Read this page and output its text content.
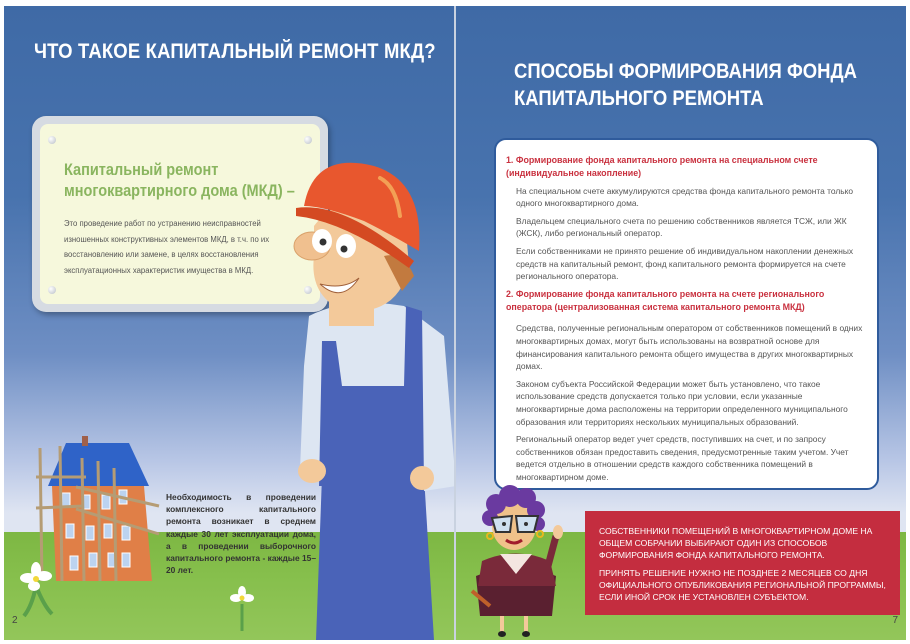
ЧТО ТАКОЕ КАПИТАЛЬНЫЙ РЕМОНТ МКД?
Капитальный ремонт
многоквартирного дома (МКД) –

Это проведение работ по устранению неисправностей изношенных конструктивных элементов МКД, в т.ч. по их восстановлению или замене, в целях восстановления эксплуатационных характеристик имущества в МКД.

Необходимость в проведении комплексного капитального ремонта возникает в среднем каждые 30 лет эксплуатации дома, а в проведении выборочного капитального ремонта - каждые 15–20 лет.
2
СПОСОБЫ ФОРМИРОВАНИЯ ФОНДА
КАПИТАЛЬНОГО РЕМОНТА
1. Формирование фонда капитального ремонта на специальном счете (индивидуальное накопление)

На специальном счете аккумулируются средства фонда капитального ремонта только одного многоквартирного дома.

Владельцем специального счета по решению собственников является ТСЖ, или ЖК (ЖСК), либо региональный оператор.

Если собственниками не принято решение об индивидуальном накоплении денежных средств на капитальный ремонт, фонд капитального ремонта формируется на счете регионального оператора.

2. Формирование фонда капитального ремонта на счете регионального оператора (централизованная система капитального ремонта МКД)

Средства, полученные региональным оператором от собственников помещений в одних многоквартирных домах, могут быть использованы на возвратной основе для финансирования капитального ремонта общего имущества в других многоквартирных домах.

Законом субъекта Российской Федерации может быть установлено, что такое использование средств допускается только при условии, если указанные многоквартирные дома расположены на территории определенного муниципального образования или территориях нескольких муниципальных образований.

Региональный оператор ведет учет средств, поступивших на счет, и по запросу собственников обязан предоставить сведения, предусмотренные таким учетом. Учет ведется отдельно в отношении средств каждого собственника помещений в многоквартирном доме.

СОБСТВЕННИКИ ПОМЕЩЕНИЙ В МНОГОКВАРТИРНОМ ДОМЕ НА ОБЩЕМ СОБРАНИИ ВЫБИРАЮТ ОДИН ИЗ СПОСОБОВ ФОРМИРОВАНИЯ ФОНДА КАПИТАЛЬНОГО РЕМОНТА.

ПРИНЯТЬ РЕШЕНИЕ НУЖНО НЕ ПОЗДНЕЕ 2 МЕСЯЦЕВ СО ДНЯ ОФИЦИАЛЬНОГО ОПУБЛИКОВАНИЯ РЕГИОНАЛЬНОЙ ПРОГРАММЫ, ЕСЛИ ИНОЙ СРОК НЕ УСТАНОВЛЕН СУБЪЕКТОМ.

7
